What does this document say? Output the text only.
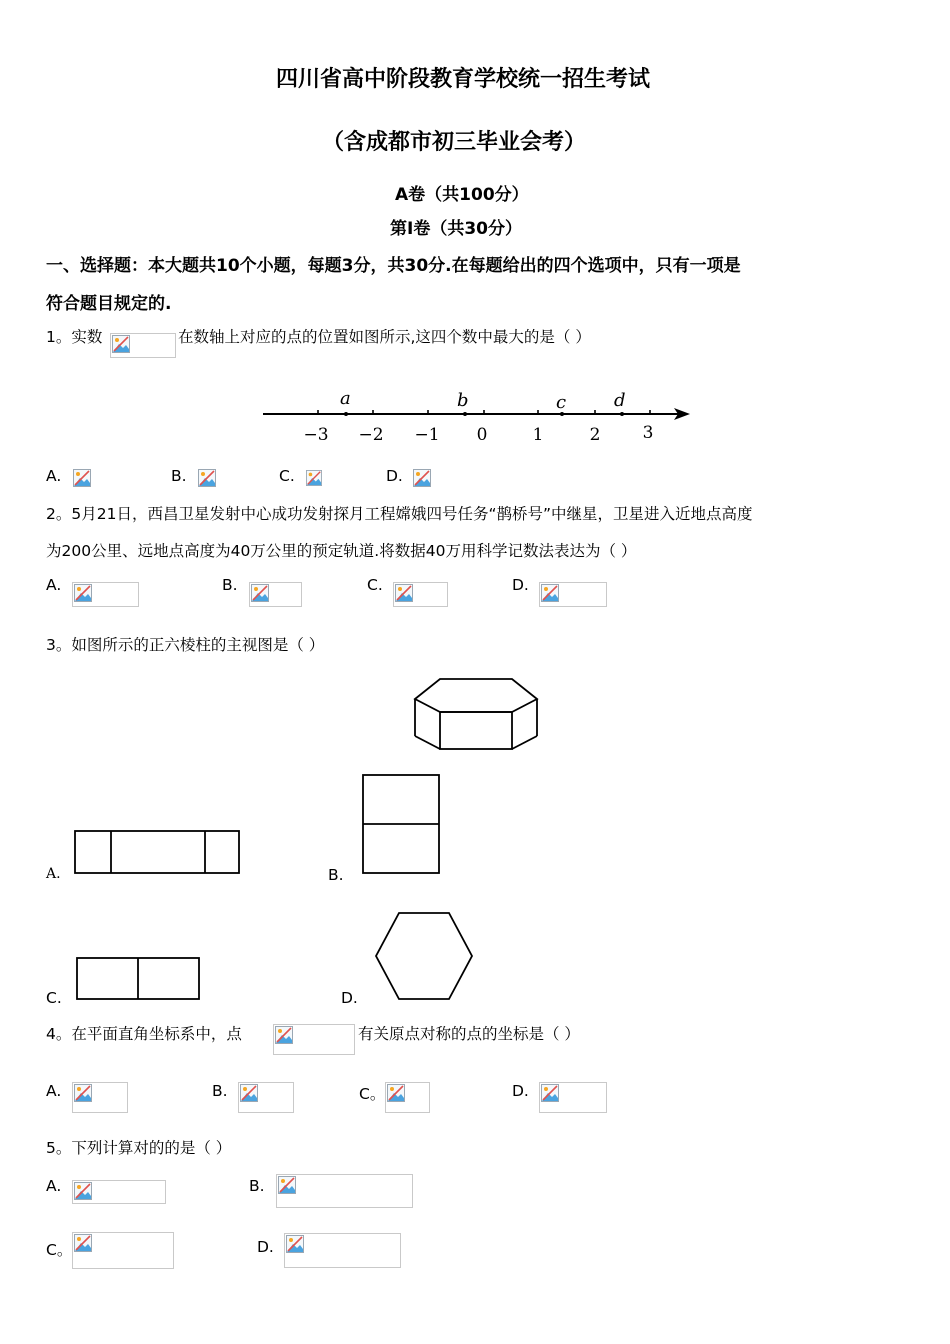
四川省高中阶段教育学校统一招生考试
（含成都市初三毕业会考）
A卷（共100分）
第Ⅰ卷（共30分）
一、选择题：本大题共10个小题，每题3分，共30分.在每题给出的四个选项中，只有一项是
符合题目规定的.
1。实数	在数轴上对应的点的位置如图所示,这四个数中最大的是（ ）
a	b	c	d
−3 −2 −1 0	1	2 3
A.	B.	C.	D.
2。5月21日，西昌卫星发射中心成功发射探月工程嫦娥四号任务“鹊桥号”中继星，卫星进入近地点高度
为200公里、远地点高度为40万公里的预定轨道.将数据40万用科学记数法表达为（ ）
A.	B.	C.	D.
3。如图所示的正六棱柱的主视图是（ ）
A.	B.
C.	D.
4。在平面直角坐标系中，点	有关原点对称的点的坐标是（ ）
A.	B.	C。	D.
5。下列计算对的的是（ ）
A.	B.
C。	D.
